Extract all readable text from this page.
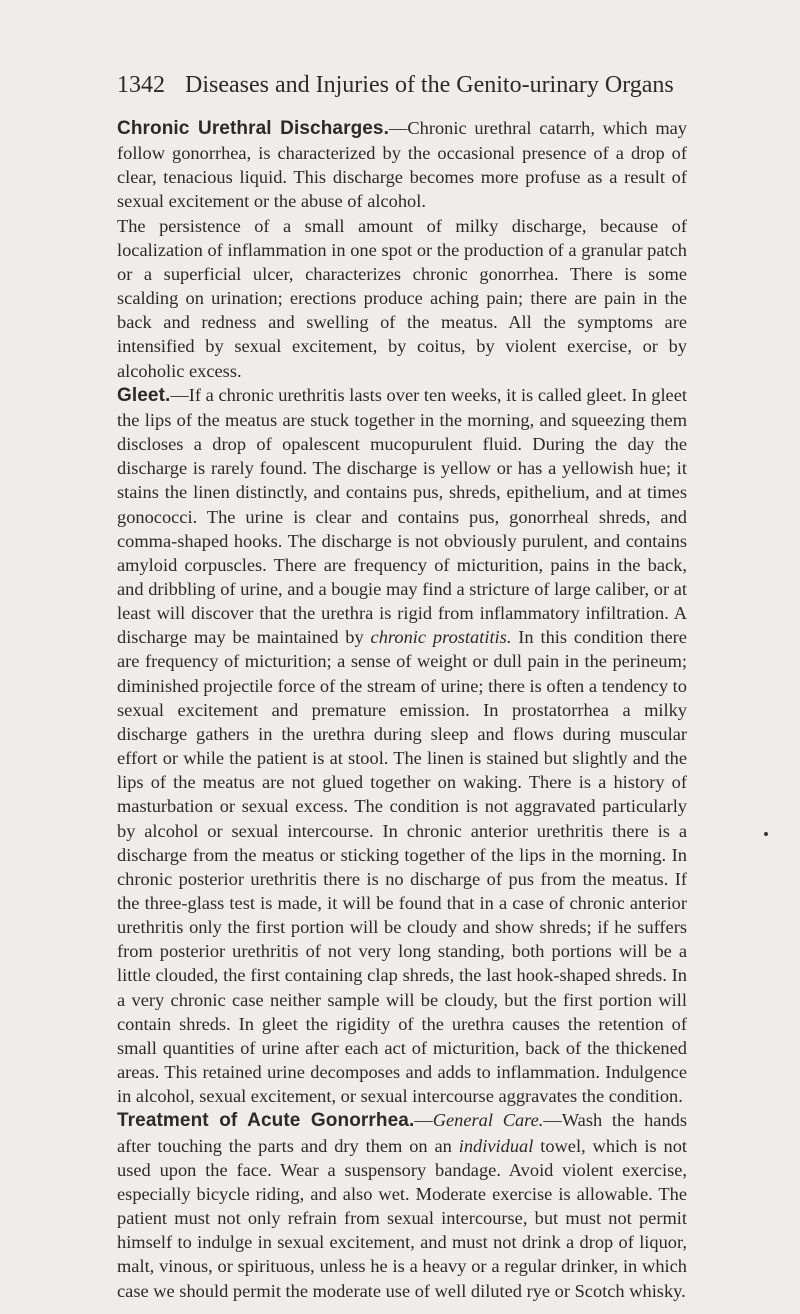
1342 Diseases and Injuries of the Genito-urinary Organs

Chronic Urethral Discharges.—Chronic urethral catarrh, which may follow gonorrhea, is characterized by the occasional presence of a drop of clear, tenacious liquid. This discharge becomes more profuse as a result of sexual excitement or the abuse of alcohol.

The persistence of a small amount of milky discharge, because of localization of inflammation in one spot or the production of a granular patch or a superficial ulcer, characterizes chronic gonorrhea. There is some scalding on urination; erections produce aching pain; there are pain in the back and redness and swelling of the meatus. All the symptoms are intensified by sexual excitement, by coitus, by violent exercise, or by alcoholic excess.

Gleet.—If a chronic urethritis lasts over ten weeks, it is called gleet. In gleet the lips of the meatus are stuck together in the morning, and squeezing them discloses a drop of opalescent mucopurulent fluid. During the day the discharge is rarely found. The discharge is yellow or has a yellowish hue; it stains the linen distinctly, and contains pus, shreds, epithelium, and at times gonococci. The urine is clear and contains pus, gonorrheal shreds, and comma-shaped hooks. The discharge is not obviously purulent, and contains amyloid corpuscles. There are frequency of micturition, pains in the back, and dribbling of urine, and a bougie may find a stricture of large caliber, or at least will discover that the urethra is rigid from inflammatory infiltration. A discharge may be maintained by chronic prostatitis. In this condition there are frequency of micturition; a sense of weight or dull pain in the perineum; diminished projectile force of the stream of urine; there is often a tendency to sexual excitement and premature emission. In prostatorrhea a milky discharge gathers in the urethra during sleep and flows during muscular effort or while the patient is at stool. The linen is stained but slightly and the lips of the meatus are not glued together on waking. There is a history of masturbation or sexual excess. The condition is not aggravated particularly by alcohol or sexual intercourse. In chronic anterior urethritis there is a discharge from the meatus or sticking together of the lips in the morning. In chronic posterior urethritis there is no discharge of pus from the meatus. If the three-glass test is made, it will be found that in a case of chronic anterior urethritis only the first portion will be cloudy and show shreds; if he suffers from posterior urethritis of not very long standing, both portions will be a little clouded, the first containing clap shreds, the last hook-shaped shreds. In a very chronic case neither sample will be cloudy, but the first portion will contain shreds. In gleet the rigidity of the urethra causes the retention of small quantities of urine after each act of micturition, back of the thickened areas. This retained urine decomposes and adds to inflammation. Indulgence in alcohol, sexual excitement, or sexual intercourse aggravates the condition.

Treatment of Acute Gonorrhea.—General Care.—Wash the hands after touching the parts and dry them on an individual towel, which is not used upon the face. Wear a suspensory bandage. Avoid violent exercise, especially bicycle riding, and also wet. Moderate exercise is allowable. The patient must not only refrain from sexual intercourse, but must not permit himself to indulge in sexual excitement, and must not drink a drop of liquor, malt, vinous, or spirituous, unless he is a heavy or a regular drinker, in which case we should permit the moderate use of well diluted rye or Scotch whisky.
